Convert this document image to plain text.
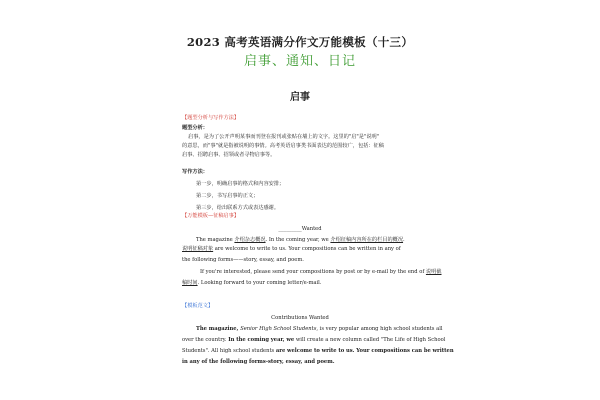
2023 高考英语满分作文万能模板（十三）
启事、通知、日记
启事
【题型分析与写作方法】
题型分析：
启事，是为了公开声明某事而刊登在报刊或张贴在墙上的文字。这里的"启"是"说明"
的意思，而"事"就是指被说明的事情。高考英语启事类书面表达的范围较广，包括：征稿
启事、招聘启事、招领或者寻物启事等。
写作方法：
第一步，明确启事的格式和内容安排；
第二步，书写启事的正文；
第三步，给出联系方式或表达感谢。
【万能模板—征稿启事】
_________Wanted
The magazine 介绍杂志概况. In the coming year, we 介绍征稿内容所在的栏目的概况.
说明征稿对象 are welcome to write to us. Your compositions can be written in any of
the following forms——story, essay, and poem.
If you're interested, please send your compositions by post or by e-mail by the end of 说明截
稿时间. Looking forward to your coming letter/e-mail.
【模板范文】
Contributions Wanted
The magazine, Senior High School Students, is very popular among high school students all
over the country. In the coming year, we will create a new column called "The Life of High School
Students". All high school students are welcome to write to us. Your compositions can be written
in any of the following forms-story, essay, and poem.
